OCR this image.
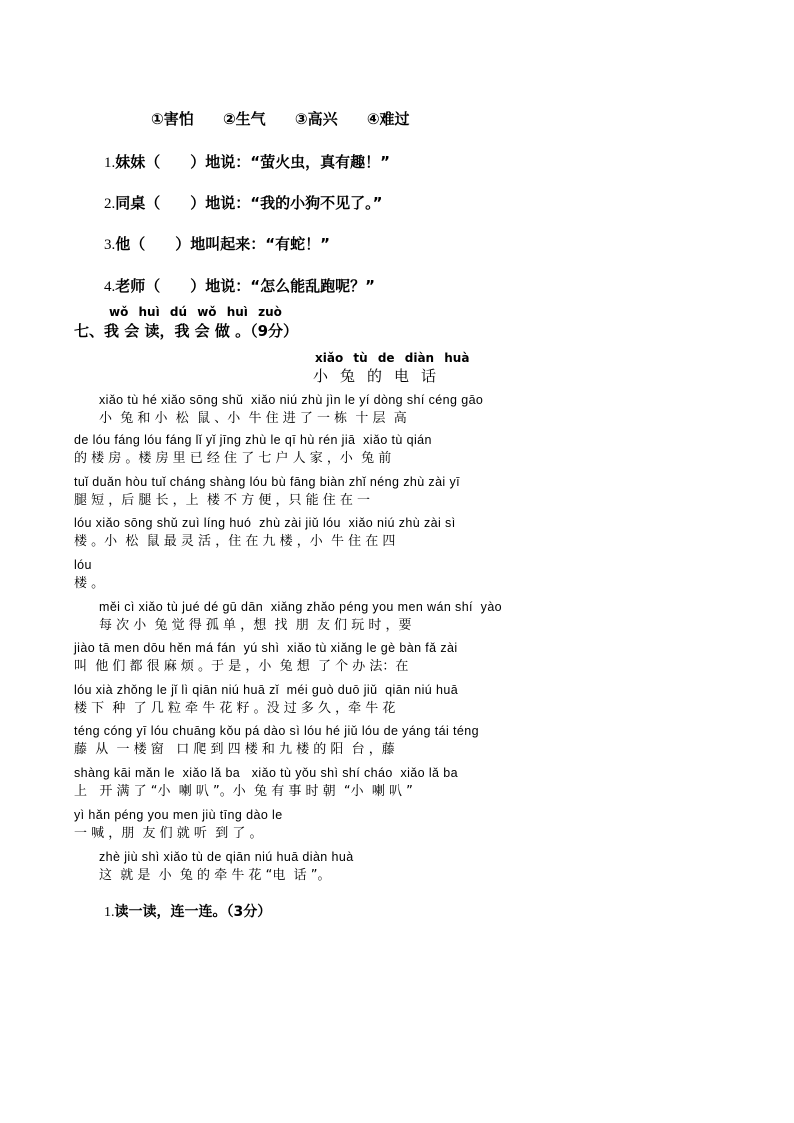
①害怕 ②生气 ③高兴 ④难过
1.妹妹（　　）地说：“萤火虫，真有趣！”
2.同桌（　　）地说：“我的小狗不见了。”
3.他（　　）地叫起来：“有蛇！”
4.老师（　　）地说：“怎么能乱跑呢？”
wǒ huì dú wǒ huì zuò
七、我 会 读，我 会 做 。（9分）
xiǎo tù de diàn huà
小兔的电话
xiǎo tù hé xiǎo sōng shǔ  xiǎo niú zhù jìn le yí dòng shí céng gāo
小  兔 和 小  松  鼠 、小  牛 住 进 了 一 栋  十 层  高
de lóu fáng lóu fáng lǐ yǐ jīng zhù le qī hù rén jiā  xiǎo tù qián
的 楼 房 。楼 房 里 已 经 住 了 七 户 人 家 ，小  兔 前
tuǐ duǎn hòu tuǐ cháng shàng lóu bù fāng biàn zhǐ néng zhù zài yī
腿 短 ，后 腿 长 ，上  楼 不 方 便 ，只 能 住 在 一
lóu xiǎo sōng shǔ zuì líng huó  zhù zài jiǔ lóu  xiǎo niú zhù zài sì
楼 。小  松  鼠 最 灵 活 ，住 在 九 楼 ，小  牛 住 在 四
lóu
楼 。
měi cì xiǎo tù jué dé gū dān  xiǎng zhǎo péng you men wán shí  yào
每 次 小  兔 觉 得 孤 单 ，想  找  朋  友 们 玩 时 ，要
jiào tā men dōu hěn má fán  yú shì  xiǎo tù xiǎng le gè bàn fǎ zài
叫  他 们 都 很 麻 烦 。于 是 ，小  兔 想  了 个 办 法：在
lóu xià zhǒng le jǐ lì qiān niú huā zǐ  méi guò duō jiǔ  qiān niú huā
楼 下  种  了 几 粒 牵 牛 花 籽 。没 过 多 久 ，牵 牛 花
téng cóng yī lóu chuāng kǒu pá dào sì lóu hé jiǔ lóu de yáng tái téng
藤  从  一 楼 窗   口 爬 到 四 楼 和 九 楼 的 阳  台 ，藤
shàng kāi mǎn le  xiǎo lǎ ba   xiǎo tù yǒu shì shí cháo  xiǎo lǎ ba
上   开 满 了 “小  喇 叭 ”。小  兔 有 事 时 朝  “小  喇 叭 ”
yì hǎn péng you men jiù tīng dào le
一 喊 ，朋  友 们 就 听  到 了 。
zhè jiù shì xiǎo tù de qiān niú huā diàn huà
这  就 是  小  兔 的 牵 牛 花 “电  话 ”。
1.读一读，连一连。（3分）
